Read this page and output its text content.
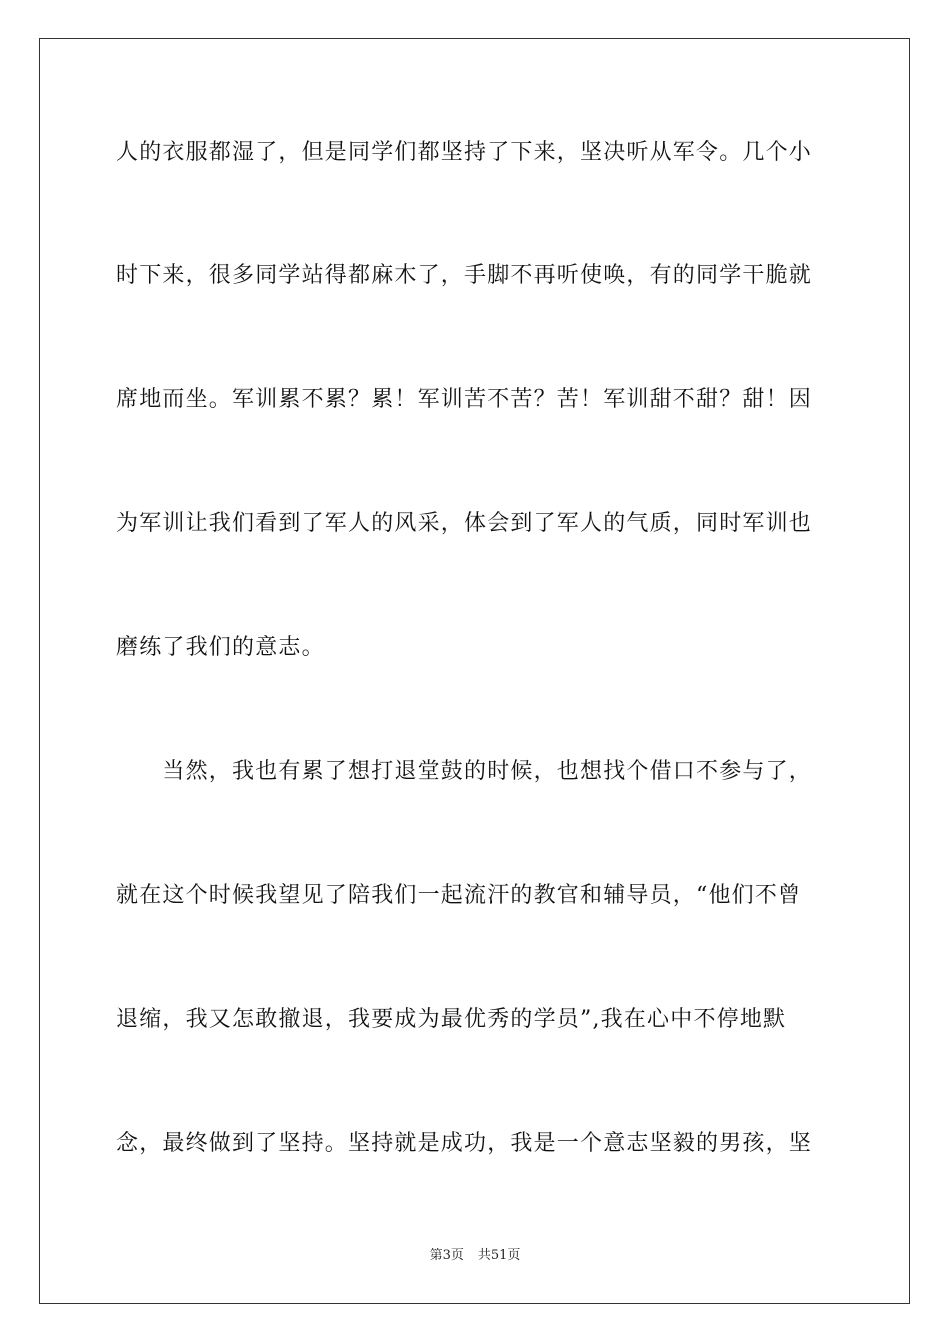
人的衣服都湿了，但是同学们都坚持了下来，坚决听从军令。几个小
时下来，很多同学站得都麻木了，手脚不再听使唤，有的同学干脆就
席地而坐。军训累不累？累！军训苦不苦？苦！军训甜不甜？甜！因
为军训让我们看到了军人的风采，体会到了军人的气质，同时军训也
磨练了我们的意志。
　　当然，我也有累了想打退堂鼓的时候，也想找个借口不参与了，
就在这个时候我望见了陪我们一起流汗的教官和辅导员，“他们不曾
退缩，我又怎敢撤退，我要成为最优秀的学员”,我在心中不停地默
念，最终做到了坚持。坚持就是成功，我是一个意志坚毅的男孩，坚
第3页 共51页
